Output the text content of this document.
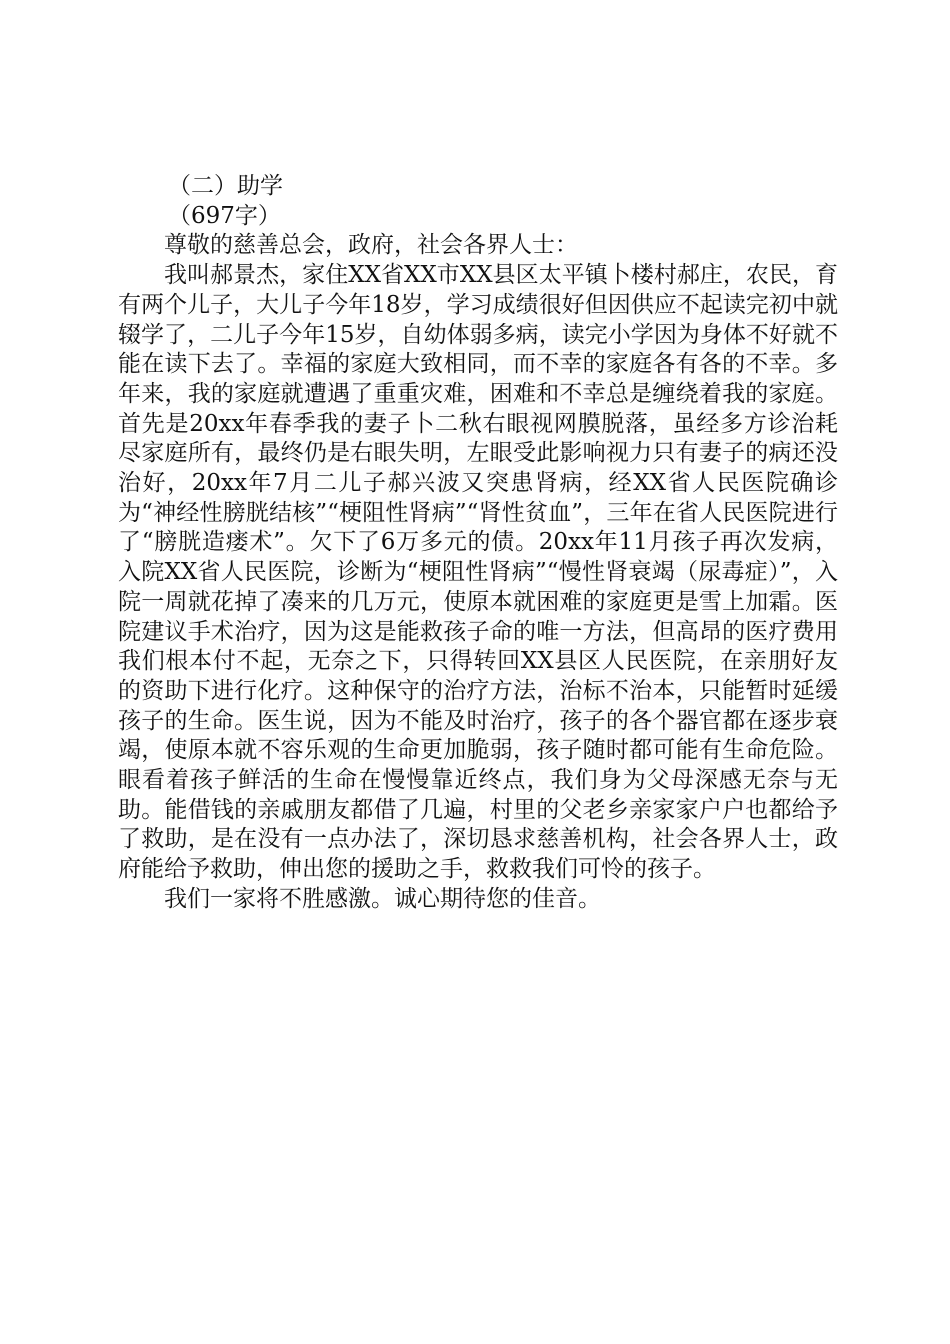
（二）助学

（697字）

尊敬的慈善总会，政府，社会各界人士：

我叫郝景杰，家住XX省XX市XX县区太平镇卜楼村郝庄，农民，育有两个儿子，大儿子今年18岁，学习成绩很好但因供应不起读完初中就辍学了，二儿子今年15岁，自幼体弱多病，读完小学因为身体不好就不能在读下去了。幸福的家庭大致相同，而不幸的家庭各有各的不幸。多年来，我的家庭就遭遇了重重灾难，困难和不幸总是缠绕着我的家庭。首先是20xx年春季我的妻子卜二秋右眼视网膜脱落，虽经多方诊治耗尽家庭所有，最终仍是右眼失明，左眼受此影响视力只有妻子的病还没治好，20xx年7月二儿子郝兴波又突患肾病，经XX省人民医院确诊为“神经性膀胱结核”“梗阻性肾病”“肾性贫血”，三年在省人民医院进行了“膀胱造瘘术”。欠下了6万多元的债。20xx年11月孩子再次发病，入院XX省人民医院，诊断为“梗阻性肾病”“慢性肾衰竭（尿毒症）”，入院一周就花掉了凑来的几万元，使原本就困难的家庭更是雪上加霜。医院建议手术治疗，因为这是能救孩子命的唯一方法，但高昂的医疗费用我们根本付不起，无奈之下，只得转回XX县区人民医院，在亲朋好友的资助下进行化疗。这种保守的治疗方法，治标不治本，只能暂时延缓孩子的生命。医生说，因为不能及时治疗，孩子的各个器官都在逐步衰竭，使原本就不容乐观的生命更加脆弱，孩子随时都可能有生命危险。眼看着孩子鲜活的生命在慢慢靠近终点，我们身为父母深感无奈与无助。能借钱的亲戚朋友都借了几遍，村里的父老乡亲家家户户也都给予了救助，是在没有一点办法了，深切恳求慈善机构，社会各界人士，政府能给予救助，伸出您的援助之手，救救我们可怜的孩子。

我们一家将不胜感激。诚心期待您的佳音。
